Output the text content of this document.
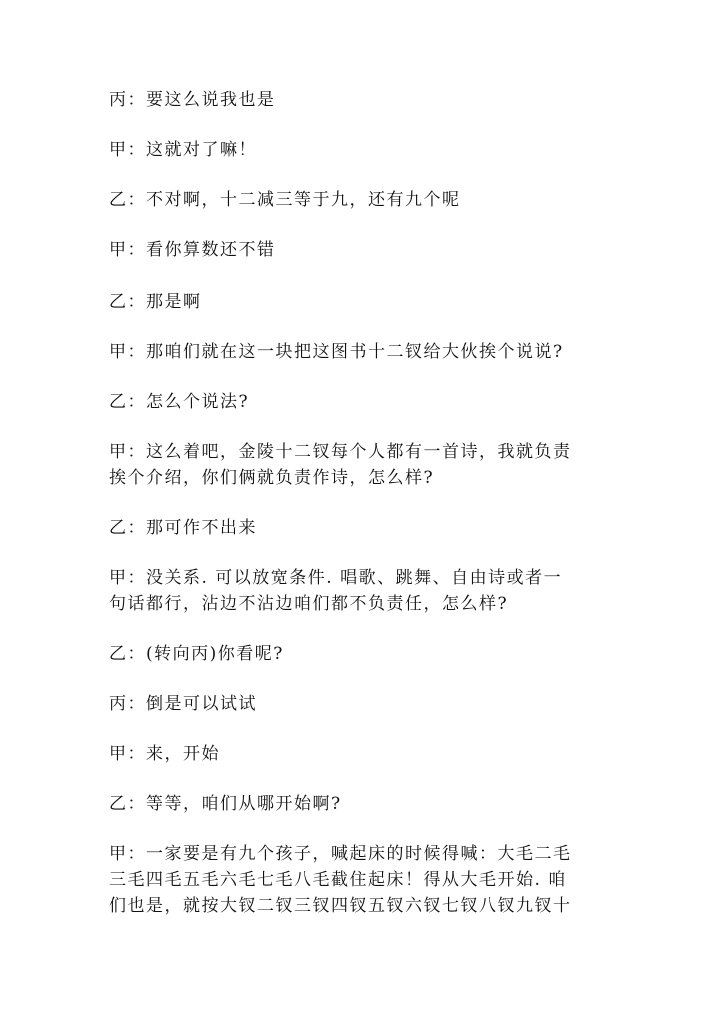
丙：要这么说我也是
甲：这就对了嘛！
乙：不对啊，十二减三等于九，还有九个呢
甲：看你算数还不错
乙：那是啊
甲：那咱们就在这一块把这图书十二钗给大伙挨个说说?
乙：怎么个说法?
甲：这么着吧，金陵十二钗每个人都有一首诗，我就负责
挨个介绍，你们俩就负责作诗，怎么样?
乙：那可作不出来
甲：没关系. 可以放宽条件. 唱歌、跳舞、自由诗或者一
句话都行，沾边不沾边咱们都不负责任，怎么样?
乙：(转向丙)你看呢?
丙：倒是可以试试
甲：来，开始
乙：等等，咱们从哪开始啊?
甲：一家要是有九个孩子，喊起床的时候得喊：大毛二毛
三毛四毛五毛六毛七毛八毛截住起床！得从大毛开始. 咱
们也是，就按大钗二钗三钗四钗五钗六钗七钗八钗九钗十
